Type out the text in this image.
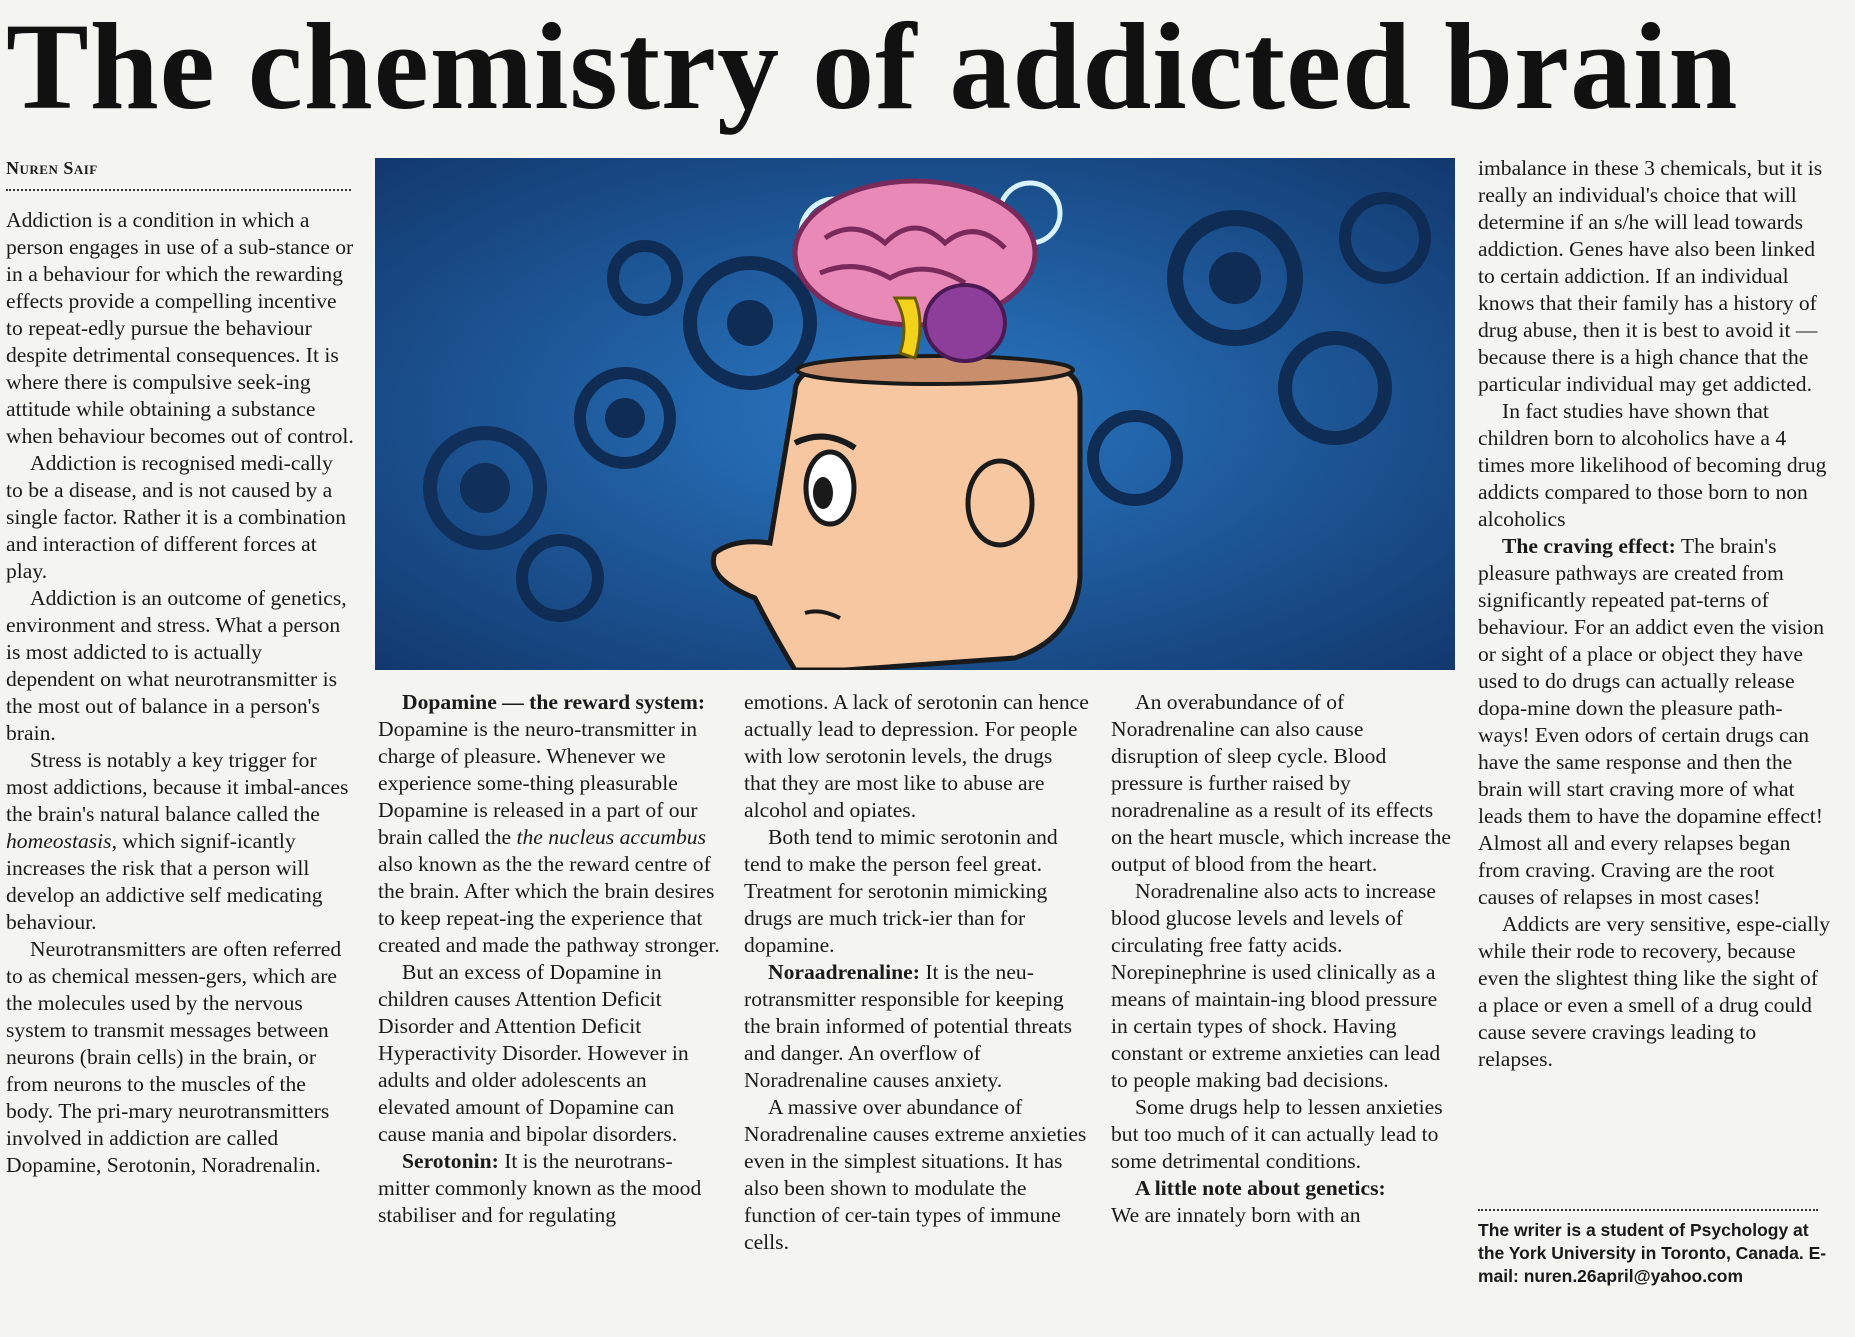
The chemistry of addicted brain
Nuren Saif

Addiction is a condition in which a person engages in use of a sub-stance or in a behaviour for which the rewarding effects provide a compelling incentive to repeat-edly pursue the behaviour despite detrimental consequences. It is where there is compulsive seek-ing attitude while obtaining a substance when behaviour becomes out of control.

Addiction is recognised medi-cally to be a disease, and is not caused by a single factor. Rather it is a combination and interaction of different forces at play.

Addiction is an outcome of genetics, environment and stress. What a person is most addicted to is actually dependent on what neurotransmitter is the most out of balance in a person's brain.

Stress is notably a key trigger for most addictions, because it imbal-ances the brain's natural balance called the homeostasis, which signif-icantly increases the risk that a person will develop an addictive self medicating behaviour.

Neurotransmitters are often referred to as chemical messen-gers, which are the molecules used by the nervous system to transmit messages between neurons (brain cells) in the brain, or from neurons to the muscles of the body. The pri-mary neurotransmitters involved in addiction are called Dopamine, Serotonin, Noradrenalin.

Dopamine — the reward system: Dopamine is the neuro-transmitter in charge of pleasure. Whenever we experience some-thing pleasurable Dopamine is released in a part of our brain called the the nucleus accumbus also known as the the reward centre of the brain. After which the brain desires to keep repeat-ing the experience that created and made the pathway stronger.

But an excess of Dopamine in children causes Attention Deficit Disorder and Attention Deficit Hyperactivity Disorder. However in adults and older adolescents an elevated amount of Dopamine can cause mania and bipolar disorders.

Serotonin: It is the neurotrans-mitter commonly known as the mood stabiliser and for regulating

emotions. A lack of serotonin can hence actually lead to depression. For people with low serotonin levels, the drugs that they are most like to abuse are alcohol and opiates.

Both tend to mimic serotonin and tend to make the person feel great. Treatment for serotonin mimicking drugs are much trick-ier than for dopamine.

Noraadrenaline: It is the neu-rotransmitter responsible for keeping the brain informed of potential threats and danger. An overflow of Noradrenaline causes anxiety.

A massive over abundance of Noradrenaline causes extreme anxieties even in the simplest situations. It has also been shown to modulate the function of cer-tain types of immune cells.

An overabundance of of Noradrenaline can also cause disruption of sleep cycle. Blood pressure is further raised by noradrenaline as a result of its effects on the heart muscle, which increase the output of blood from the heart.

Noradrenaline also acts to increase blood glucose levels and levels of circulating free fatty acids. Norepinephrine is used clinically as a means of maintain-ing blood pressure in certain types of shock. Having constant or extreme anxieties can lead to people making bad decisions.

Some drugs help to lessen anxieties but too much of it can actually lead to some detrimental conditions.

A little note about genetics:
We are innately born with an

imbalance in these 3 chemicals, but it is really an individual's choice that will determine if an s/he will lead towards addiction. Genes have also been linked to certain addiction. If an individual knows that their family has a history of drug abuse, then it is best to avoid it — because there is a high chance that the particular individual may get addicted.

In fact studies have shown that children born to alcoholics have a 4 times more likelihood of becoming drug addicts compared to those born to non alcoholics

The craving effect: The brain's pleasure pathways are created from significantly repeated pat-terns of behaviour. For an addict even the vision or sight of a place or object they have used to do drugs can actually release dopa-mine down the pleasure path-ways! Even odors of certain drugs can have the same response and then the brain will start craving more of what leads them to have the dopamine effect! Almost all and every relapses began from craving. Craving are the root causes of relapses in most cases!

Addicts are very sensitive, espe-cially while their rode to recovery, because even the slightest thing like the sight of a place or even a smell of a drug could cause severe cravings leading to relapses.

The writer is a student of Psychology at the York University in Toronto, Canada. E-mail: nuren.26april@yahoo.com
